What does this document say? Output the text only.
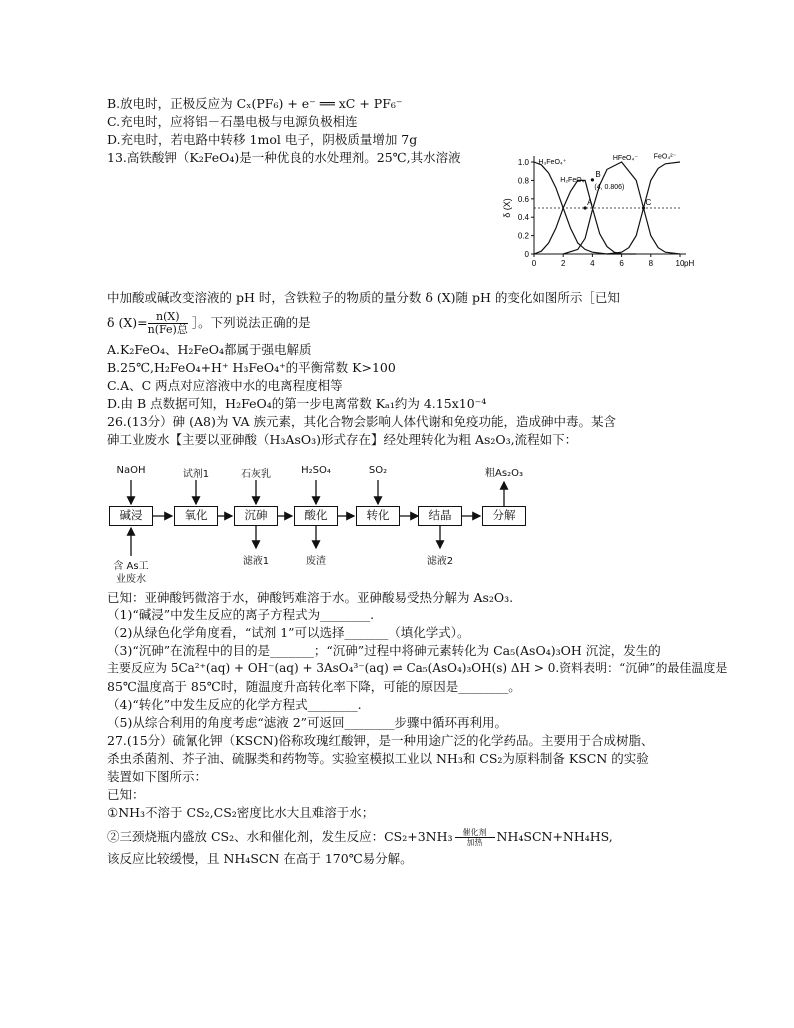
B.放电时，正极反应为 Cₓ(PF₆) + e⁻ ══ xC + PF₆⁻
C.充电时，应将铝－石墨电极与电源负极相连
D.充电时，若电路中转移 1mol 电子，阴极质量增加 7g
13.高铁酸钾（K₂FeO₄)是一种优良的水处理剂。25℃,其水溶液
0
0.2
0.4
0.6
0.8
1.0
0	2	4	6	8	10 pH
δ (X)
H₃FeO₄⁺
H₂FeO₄
HFeO₄⁻ FeO₄²⁻
A
B
C
(4, 0.806)
中加酸或碱改变溶液的 pH 时，含铁粒子的物质的量分数 δ (X)随 pH 的变化如图所示［已知
δ $(X)= \frac{n(X)}{\text{n(Fe)总}}$ ］。下列说法正确的是
A.K₂FeO₄、H₂FeO₄都属于强电解质
B.25℃,H₂FeO₄+H⁺ H₃FeO₄⁺的平衡常数 K>100
C.A、C 两点对应溶液中水的电离程度相等
D.由 B 点数据可知，H₂FeO₄的第一步电离常数 Kₐ₁约为 4.15x10⁻⁴
26.(13分）砷 (A8)为 VA 族元素，其化合物会影响人体代谢和免疫功能，造成砷中毒。某含
砷工业废水【主要以亚砷酸（H₃AsO₃)形式存在】经处理转化为粗 As₂O₃,流程如下：
NaOH	试剂1	石灰乳	H₂SO₄	SO₂	粗As₂O₃
碱浸	氧化	沉砷	酸化	转化	结晶	分解
滤液1	废渣	滤液2
含 As工
业废水
已知：亚砷酸钙微溶于水，砷酸钙难溶于水。亚砷酸易受热分解为 As₂O₃.
（1)“碱浸”中发生反应的离子方程式为________.
（2)从绿色化学角度看，“试剂 1”可以选择_______（填化学式）。
（3)“沉砷”在流程中的目的是_______；“沉砷”过程中将砷元素转化为 Ca₅(AsO₄)₃OH 沉淀，发生的
主要反应为 5Ca²⁺(aq) + OH⁻(aq) + 3AsO₄³⁻(aq) ⇌ Ca₅(AsO₄)₃OH(s) ΔH > 0.资料表明：“沉砷”的最佳温度是
85℃温度高于 85℃时，随温度升高转化率下降，可能的原因是________。
（4)“转化”中发生反应的化学方程式________.
（5)从综合利用的角度考虑“滤液 2”可返回________步骤中循环再利用。
27.(15分）硫氰化钾（KSCN)俗称玫瑰红酸钾，是一种用途广泛的化学药品。主要用于合成树脂、
杀虫杀菌剂、芥子油、硫脲类和药物等。实验室模拟工业以 NH₃和 CS₂为原料制备 KSCN 的实验
装置如下图所示：
已知：
①NH₃不溶于 CS₂,CS₂密度比水大且难溶于水；
②三颈烧瓶内盛放 CS₂、水和催化剂，发生反应：CS₂+3NH₃	催化剂
加热	NH₄SCN+NH₄HS,
该反应比较缓慢，且 NH₄SCN 在高于 170℃易分解。
